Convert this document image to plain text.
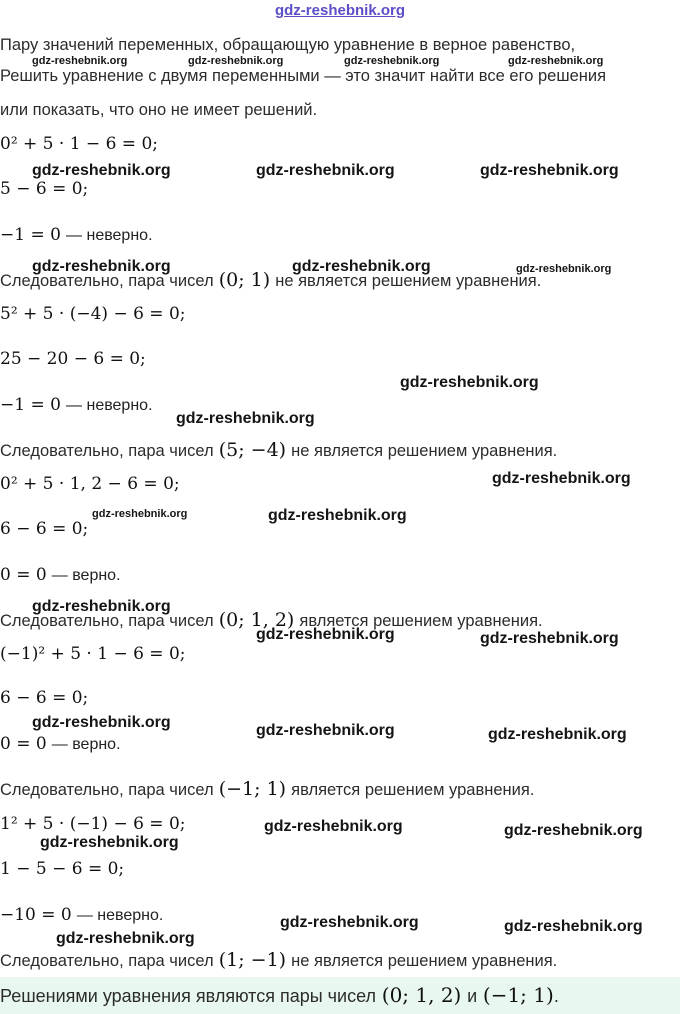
gdz-reshebnik.org
Пару значений переменных, обращающую уравнение в верное равенство,
Решить уравнение с двумя переменными — это значит найти все его решения
или показать, что оно не имеет решений.
0² + 5 · 1 − 6 = 0;
5 − 6 = 0;
−1 = 0 — неверно.
Следовательно, пара чисел (0; 1) не является решением уравнения.
5² + 5 · (−4) − 6 = 0;
25 − 20 − 6 = 0;
−1 = 0 — неверно.
Следовательно, пара чисел (5; −4) не является решением уравнения.
0² + 5 · 1, 2 − 6 = 0;
6 − 6 = 0;
0 = 0 — верно.
Следовательно, пара чисел (0; 1, 2) является решением уравнения.
(−1)² + 5 · 1 − 6 = 0;
6 − 6 = 0;
0 = 0 — верно.
Следовательно, пара чисел (−1; 1) является решением уравнения.
1² + 5 · (−1) − 6 = 0;
1 − 5 − 6 = 0;
−10 = 0 — неверно.
Следовательно, пара чисел (1; −1) не является решением уравнения.
Решениями уравнения являются пары чисел (0; 1, 2) и (−1; 1).
gdz-reshebnik.org	gdz-reshebnik.org	gdz-reshebnik.org	gdz-reshebnik.org
gdz-reshebnik.org	gdz-reshebnik.org	gdz-reshebnik.org
gdz-reshebnik.org	gdz-reshebnik.org	gdz-reshebnik.org
gdz-reshebnik.org
gdz-reshebnik.org
gdz-reshebnik.org
gdz-reshebnik.org	gdz-reshebnik.org
gdz-reshebnik.org
gdz-reshebnik.org	gdz-reshebnik.org
gdz-reshebnik.org	gdz-reshebnik.org	gdz-reshebnik.org
gdz-reshebnik.org	gdz-reshebnik.org
gdz-reshebnik.org
gdz-reshebnik.org	gdz-reshebnik.org
gdz-reshebnik.org
